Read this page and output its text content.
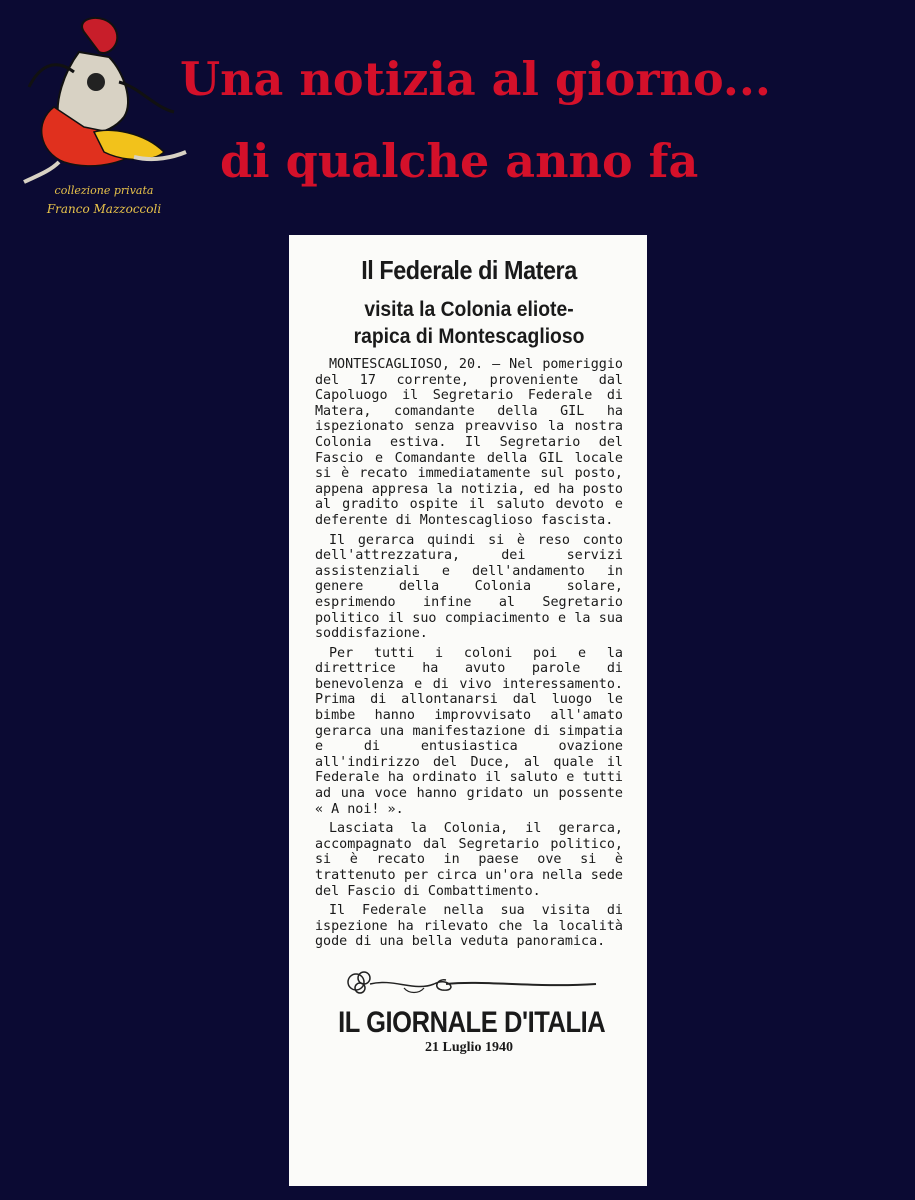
collezione privata
Franco Mazzoccoli
Una notizia al giorno...
di qualche anno fa
Il Federale di Matera
visita la Colonia eliote-
rapica di Montescaglioso

MONTESCAGLIOSO, 20. — Nel pomeriggio del 17 corrente, proveniente dal Capoluogo il Segretario Federale di Matera, comandante della GIL ha ispezionato senza preavviso la nostra Colonia estiva. Il Segretario del Fascio e Comandante della GIL locale si è recato immediatamente sul posto, appena appresa la notizia, ed ha posto al gradito ospite il saluto devoto e deferente di Montescaglioso fascista.

Il gerarca quindi si è reso conto dell'attrezzatura, dei servizi assistenziali e dell'andamento in genere della Colonia solare, esprimendo infine al Segretario politico il suo compiacimento e la sua soddisfazione.

Per tutti i coloni poi e la direttrice ha avuto parole di benevolenza e di vivo interessamento. Prima di allontanarsi dal luogo le bimbe hanno improvvisato all'amato gerarca una manifestazione di simpatia e di entusiastica ovazione all'indirizzo del Duce, al quale il Federale ha ordinato il saluto e tutti ad una voce hanno gridato un possente « A noi! ».

Lasciata la Colonia, il gerarca, accompagnato dal Segretario politico, si è recato in paese ove si è trattenuto per circa un'ora nella sede del Fascio di Combattimento.

Il Federale nella sua visita di ispezione ha rilevato che la località gode di una bella veduta panoramica.

IL GIORNALE D'ITALIA
21 Luglio 1940
